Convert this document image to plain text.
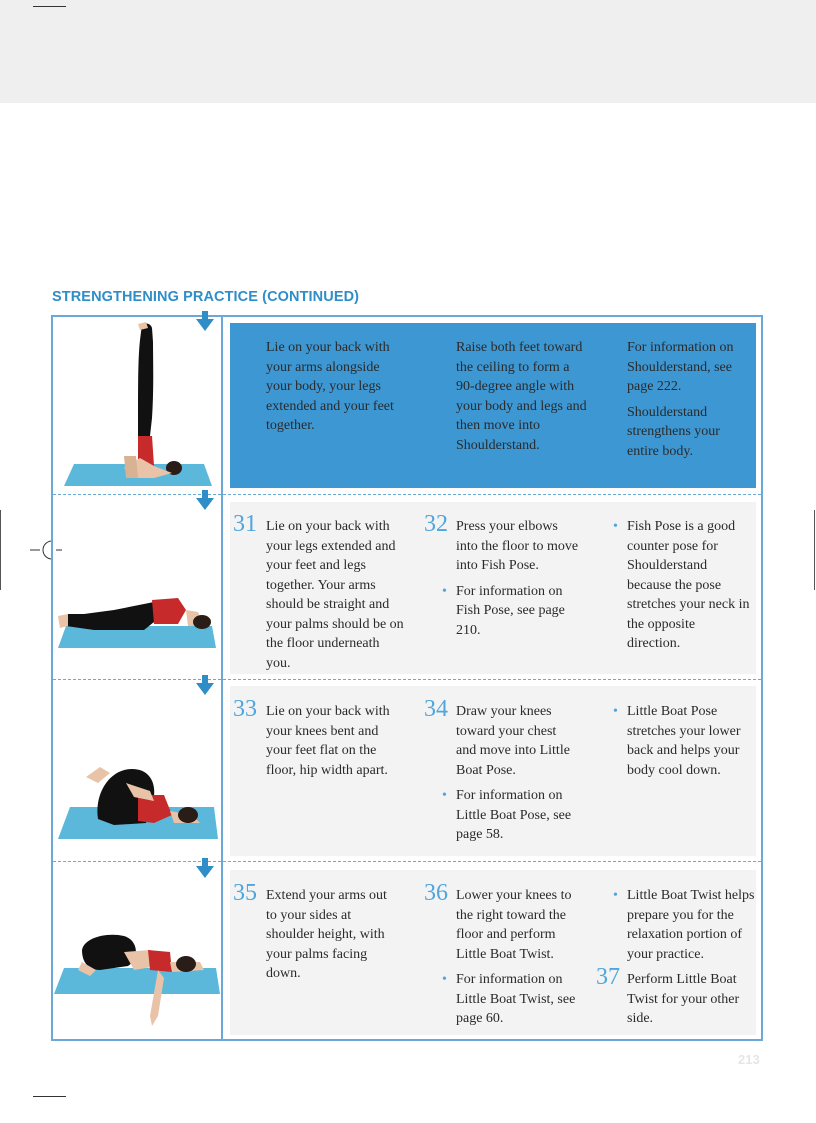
STRENGTHENING PRACTICE (CONTINUED)

Lie on your back with your arms alongside your body, your legs extended and your feet together.

Raise both feet toward the ceiling to form a 90-degree angle with your body and legs and then move into Shoulderstand.

For information on Shoulderstand, see page 222.

Shoulderstand strengthens your entire body.

31 Lie on your back with your legs extended and your feet and legs together. Your arms should be straight and your palms should be on the floor underneath you.

32 Press your elbows into the floor to move into Fish Pose.

• For information on Fish Pose, see page 210.

• Fish Pose is a good counter pose for Shoulderstand because the pose stretches your neck in the opposite direction.

33 Lie on your back with your knees bent and your feet flat on the floor, hip width apart.

34 Draw your knees toward your chest and move into Little Boat Pose.

• For information on Little Boat Pose, see page 58.

• Little Boat Pose stretches your lower back and helps your body cool down.

35 Extend your arms out to your sides at shoulder height, with your palms facing down.

36 Lower your knees to the right toward the floor and perform Little Boat Twist.

• For information on Little Boat Twist, see page 60.

• Little Boat Twist helps prepare you for the relaxation portion of your practice.

37 Perform Little Boat Twist for your other side.

213
